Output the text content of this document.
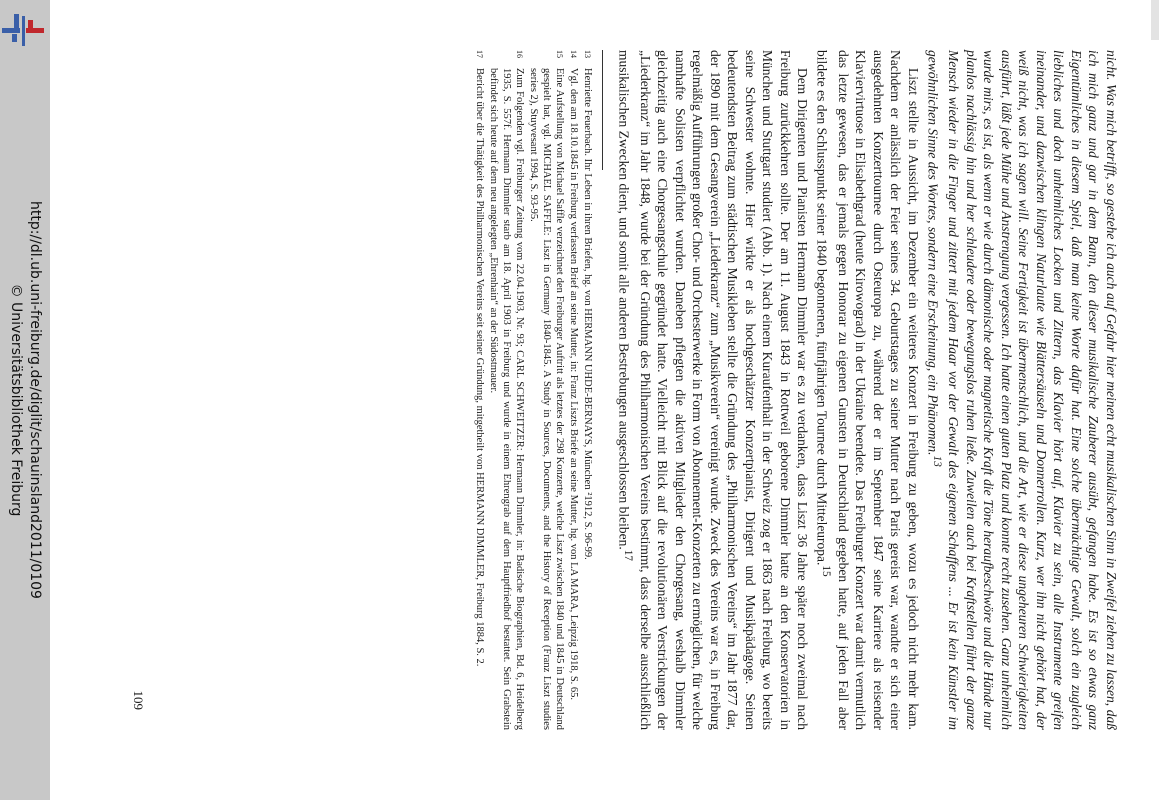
http://dl.ub.uni-freiburg.de/diglit/schauinsland2011/0109
© Universitätsbibliothek Freiburg	nicht. Was mich betrifft, so gestehe ich auch auf Gefahr hier meinen echt musikalischen Sinn in Zweifel ziehen zu lassen, daß ich mich ganz und gar in dem Bann, den dieser musikalische Zauberer ausübt, gefangen habe. Es ist so etwas ganz Eigentümliches in diesem Spiel, daß man keine Worte dafür hat. Eine solche übermächtige Gewalt, solch ein zugleich liebliches und doch unheimliches Locken und Zittern, das Klavier hört auf, Klavier zu sein, alle Instrumente greifen ineinander, und dazwischen klingen Naturlaute wie Blättersäuseln und Donnerrollen. Kurz, wer ihn nicht gehört hat, der weiß nicht, was ich sagen will. Seine Fertigkeit ist übermenschlich, und die Art, wie er diese ungeheuren Schwierigkeiten ausführt, läßt jede Mühe und Anstrengung vergessen. Ich hatte einen guten Platz und konnte recht zusehen. Ganz unheimlich wurde mirs, es ist, als wenn er wie durch dämonische oder magnetische Kraft die Töne heraufbeschwöre und die Hände nur planlos nachlässig hin und her schleudere oder bewegungslos ruhen ließe. Zuweilen auch bei Kraftstellen führt der ganze Mensch wieder in die Finger und zittert mit jedem Haar vor der Gewalt des eigenen Schaffens ... Er ist kein Künstler im gewöhnlichen Sinne des Wortes, sondern eine Erscheinung, ein Phänomen.$^{13}$

Liszt stellte in Aussicht, im Dezember ein weiteres Konzert in Freiburg zu geben, wozu es jedoch nicht mehr kam. Nachdem er anlässlich der Feier seines 34. Geburtstages zu seiner Mutter nach Paris gereist war, wandte er sich einer ausgedehnten Konzerttournee durch Osteuropa zu, während der er im September 1847 seine Karriere als reisender Klaviervirtuose in Elisabethgrad (heute Kirowograd) in der Ukraine beendete. Das Freiburger Konzert war damit vermutlich das letzte gewesen, das er jemals gegen Honorar zu eigenen Gunsten in Deutschland gegeben hatte, auf jeden Fall aber bildete es den Schlusspunkt seiner 1840 begonnenen, fünfjährigen Tournee durch Mitteleuropa.$^{15}$

Dem Dirigenten und Pianisten Hermann Dimmler war es zu verdanken, dass Liszt 36 Jahre später noch zweimal nach Freiburg zurückkehren sollte. Der am 11. August 1843 in Rottweil geborene Dimmler hatte an den Konservatorien in München und Stuttgart studiert (Abb. 1). Nach einem Kuraufenthalt in der Schweiz zog er 1863 nach Freiburg, wo bereits seine Schwester wohnte. Hier wirkte er als hochgeschätzter Konzertpianist, Dirigent und Musikpädagoge. Seinen bedeutendsten Beitrag zum städtischen Musikleben stellte die Gründung des „Philharmonischen Vereins“ im Jahr 1877 dar, der 1890 mit dem Gesangverein „Liederkranz“ zum „Musikverein“ vereinigt wurde. Zweck des Vereins war es, in Freiburg regelmäßig Aufführungen großer Chor- und Orchesterwerke in Form von Abonnement-Konzerten zu ermöglichen, für welche namhafte Solisten verpflichtet wurden. Daneben pflegten die aktiven Mitglieder den Chorgesang, weshalb Dimmler gleichzeitig auch eine Chorgesangschule gegründet hatte. Vielleicht mit Blick auf die revolutionären Verstrickungen der „Liederkranz“ im Jahr 1848, wurde bei der Gründung des Philharmonischen Vereins bestimmt, dass derselbe ausschließlich musikalischen Zwecken dient, und somit alle anderen Bestrebungen ausgeschlossen bleiben.$^{17}$

13
Henriette Feuerbach. Ihr Leben in ihren Briefen, hg. von HERMANN UHDE-BERNAYS, München ²1912, S. 96-99.
14
Vgl. den am 18.10.1845 in Freiburg verfassten Brief an seine Mutter, in: Franz Liszts Briefe an seine Mutter, hg. von LA MARA, Leipzig 1918, S. 65.
15
Eine Aufstellung von Michael Saffle verzeichnet den Freiburger Auftritt als letztes der 298 Konzerte, welche Liszt zwischen 1840 und 1845 in Deutschland gespielt hat, vgl. MICHAEL SAFFLE: Liszt in Germany 1840-1845. A Study in Sources, Documents, and the History of Reception (Franz Liszt studies series 2), Stuyvesant 1994, S. 93-95.
16
Zum Folgenden vgl. Freiburger Zeitung vom 22.04.1903, Nr. 93; CARL SCHWEITZER: Hermann Dimmler, in: Badische Biographien, Bd. 6, Heidelberg 1935, S. 557f. Hermann Dimmler starb am 18. April 1903 in Freiburg und wurde in einem Ehrengrab auf dem Hauptfriedhof bestattet. Sein Grabstein befindet sich heute auf dem neu angelegten „Ehrenhain“ an der Südostmauer.
17
Bericht über die Thätigkeit des Philharmonischen Vereins seit seiner Gründung, mitgetheilt von HERMANN DIMMLER, Freiburg 1884, S. 2.
109
